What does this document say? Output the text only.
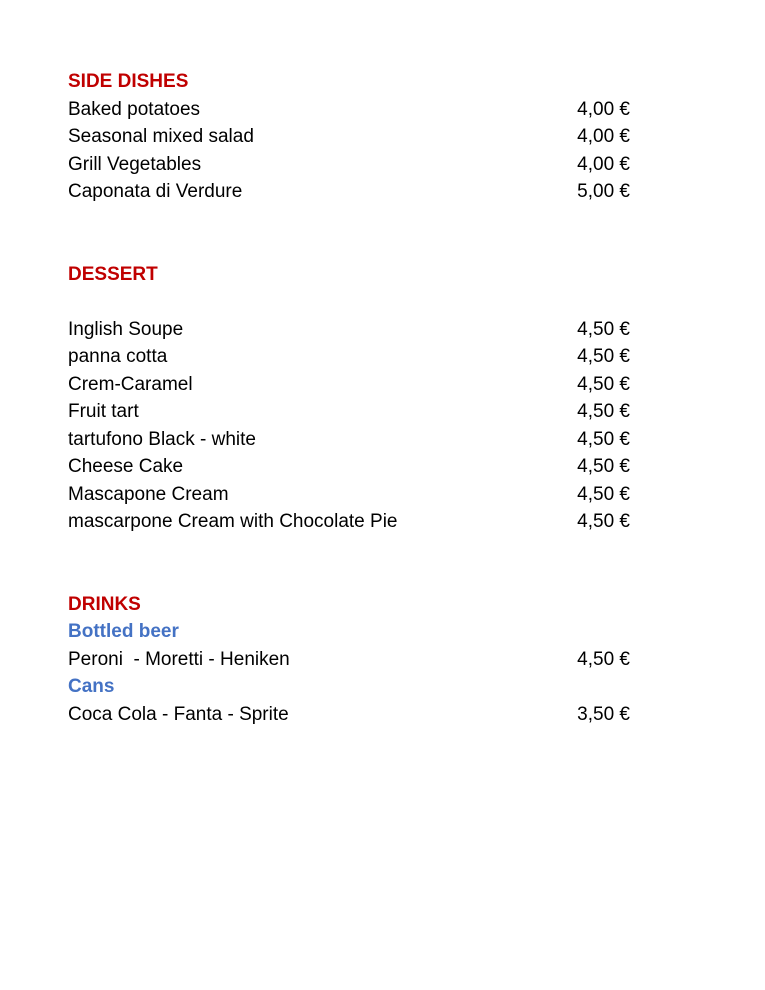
SIDE DISHES
Baked potatoes	4,00 €
Seasonal mixed salad	4,00 €
Grill Vegetables	4,00 €
Caponata di Verdure	5,00 €
DESSERT
Inglish Soupe	4,50 €
panna cotta	4,50 €
Crem-Caramel	4,50 €
Fruit tart	4,50 €
tartufono Black - white	4,50 €
Cheese Cake	4,50 €
Mascapone Cream	4,50 €
mascarpone Cream with Chocolate Pie	4,50 €
DRINKS
Bottled beer
Peroni  - Moretti - Heniken	4,50 €
Cans
Coca Cola - Fanta - Sprite	3,50 €
